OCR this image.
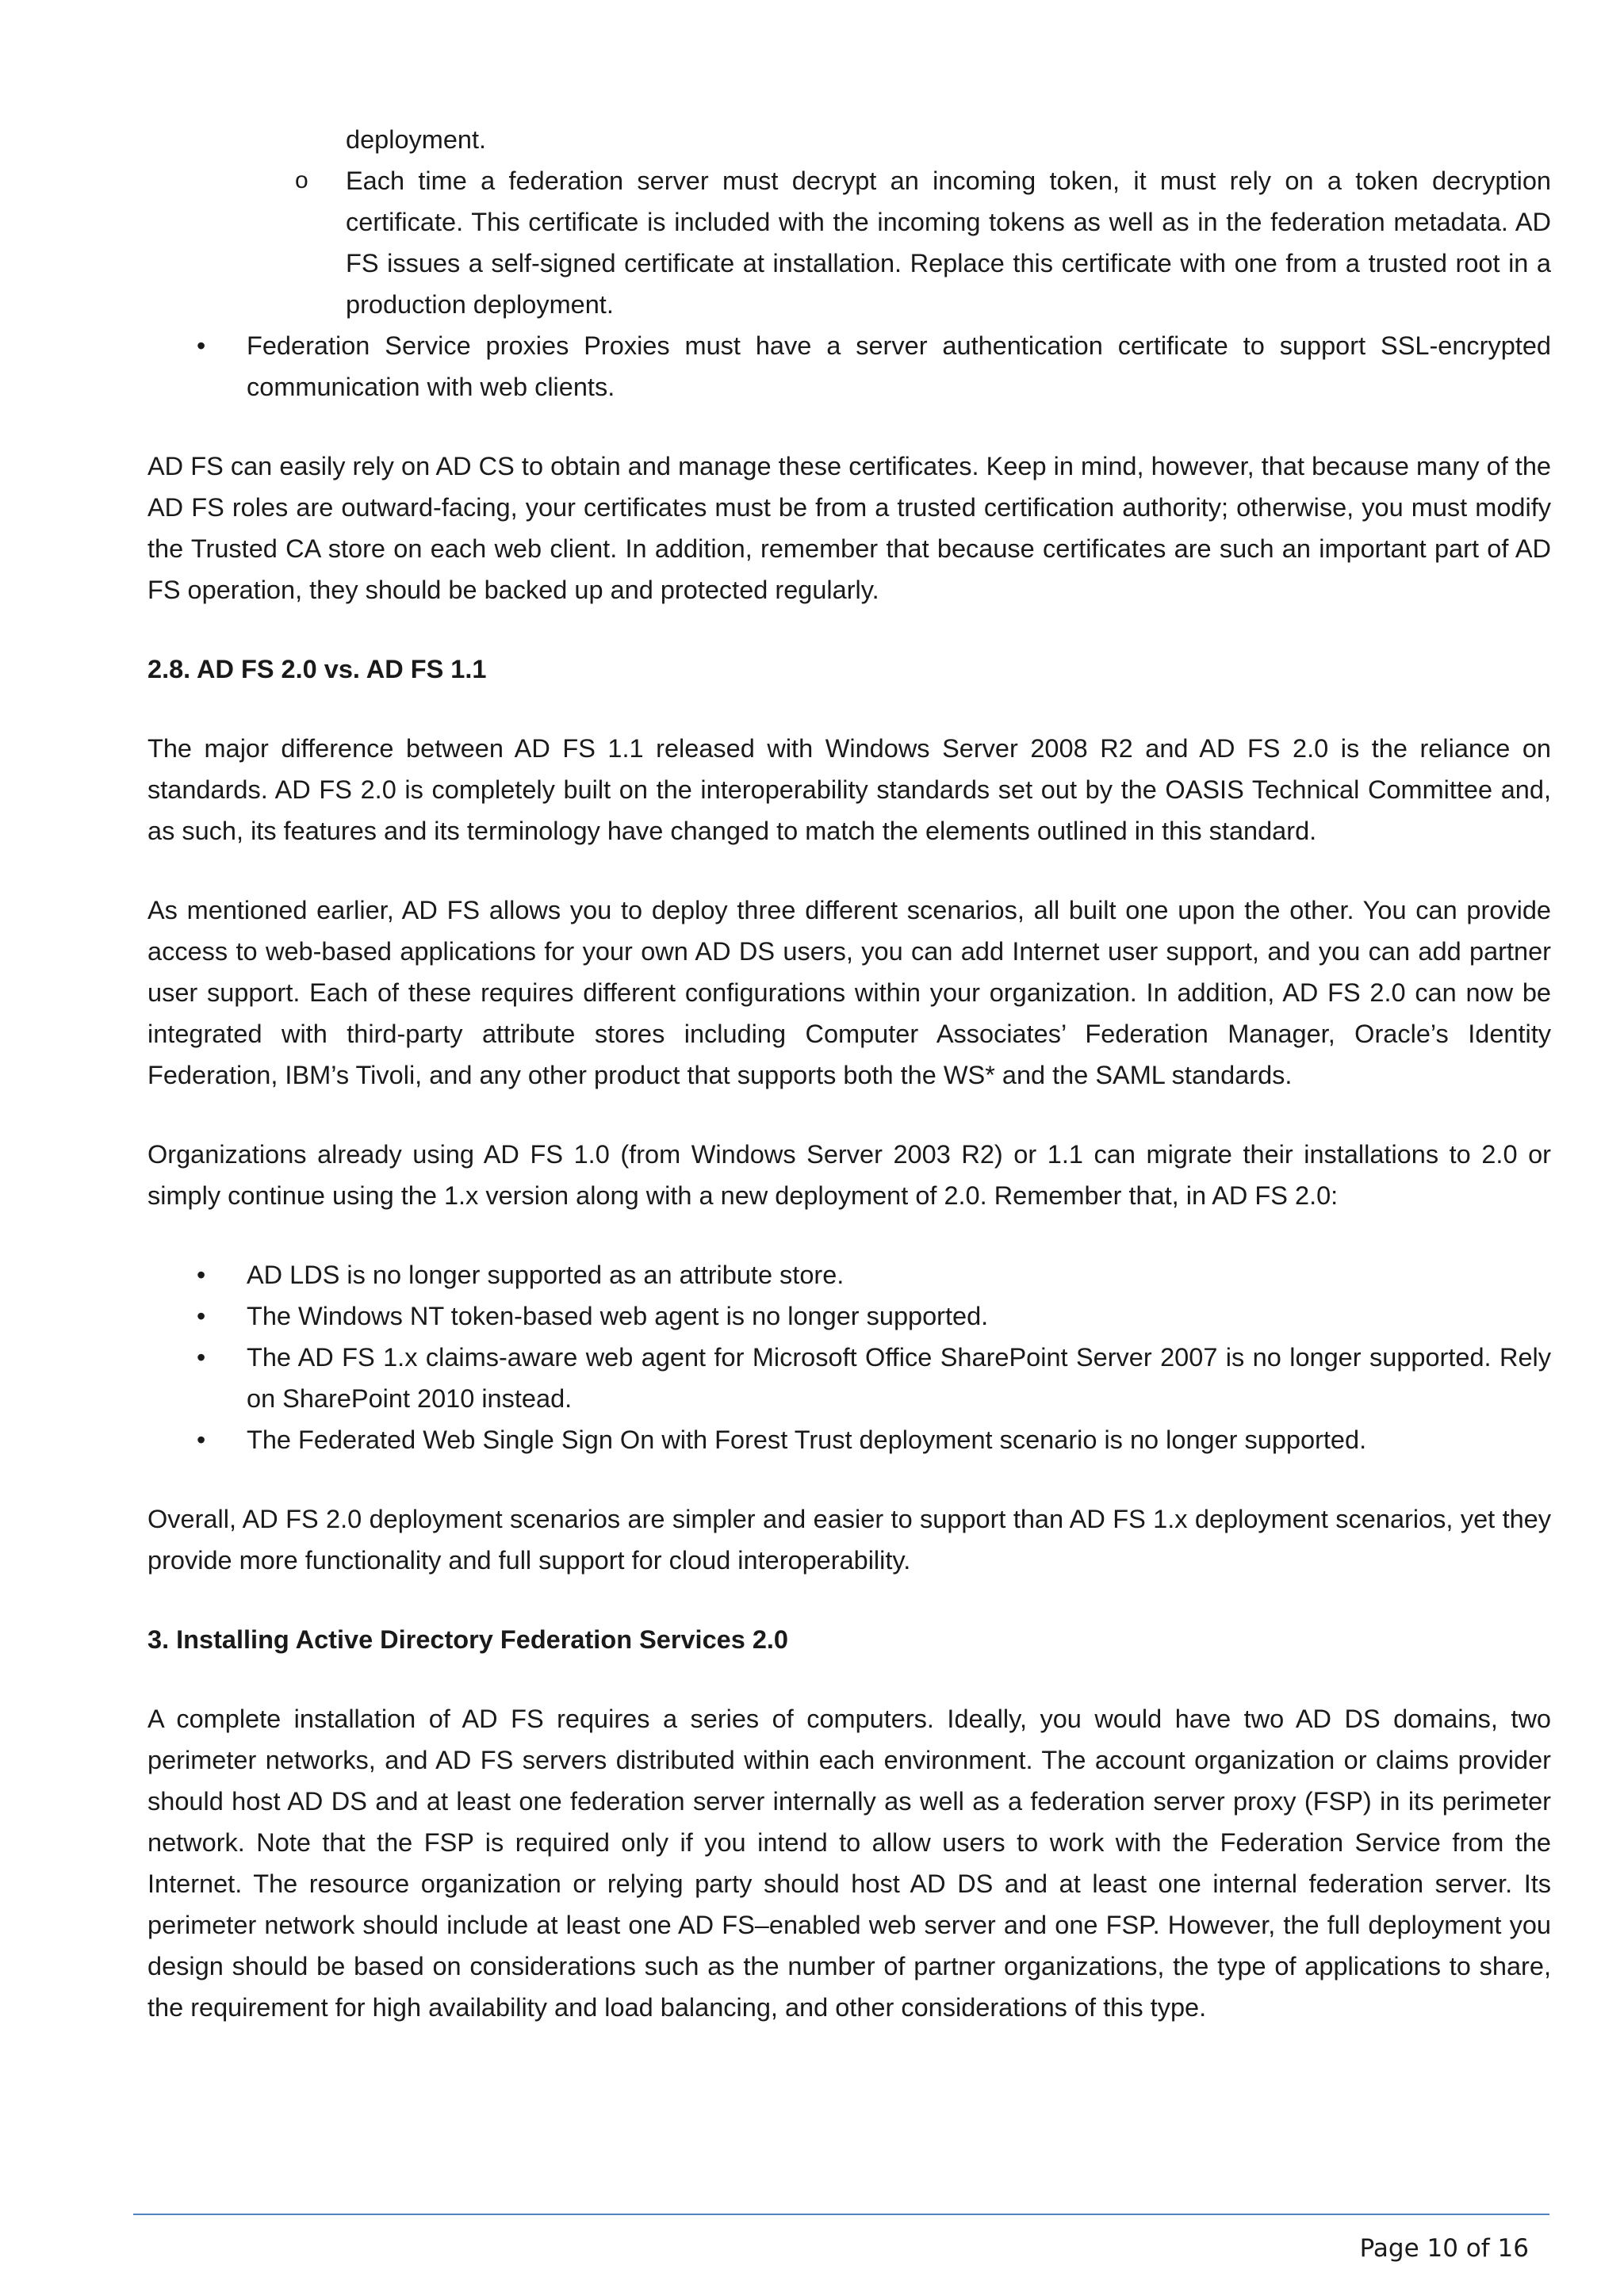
deployment.

o	Each time a federation server must decrypt an incoming token, it must rely on a token decryption certificate. This certificate is included with the incoming tokens as well as in the federation metadata. AD FS issues a self-signed certificate at installation. Replace this certificate with one from a trusted root in a production deployment.

•	Federation Service proxies Proxies must have a server authentication certificate to support SSL-encrypted communication with web clients.

AD FS can easily rely on AD CS to obtain and manage these certificates. Keep in mind, however, that because many of the AD FS roles are outward-facing, your certificates must be from a trusted certification authority; otherwise, you must modify the Trusted CA store on each web client. In addition, remember that because certificates are such an important part of AD FS operation, they should be backed up and protected regularly.

2.8. AD FS 2.0 vs. AD FS 1.1

The major difference between AD FS 1.1 released with Windows Server 2008 R2 and AD FS 2.0 is the reliance on standards. AD FS 2.0 is completely built on the interoperability standards set out by the OASIS Technical Committee and, as such, its features and its terminology have changed to match the elements outlined in this standard.

As mentioned earlier, AD FS allows you to deploy three different scenarios, all built one upon the other. You can provide access to web-based applications for your own AD DS users, you can add Internet user support, and you can add partner user support. Each of these requires different configurations within your organization. In addition, AD FS 2.0 can now be integrated with third-party attribute stores including Computer Associates’ Federation Manager, Oracle’s Identity Federation, IBM’s Tivoli, and any other product that supports both the WS* and the SAML standards.

Organizations already using AD FS 1.0 (from Windows Server 2003 R2) or 1.1 can migrate their installations to 2.0 or simply continue using the 1.x version along with a new deployment of 2.0. Remember that, in AD FS 2.0:

•	AD LDS is no longer supported as an attribute store.

•	The Windows NT token-based web agent is no longer supported.

•	The AD FS 1.x claims-aware web agent for Microsoft Office SharePoint Server 2007 is no longer supported. Rely on SharePoint 2010 instead.

•	The Federated Web Single Sign On with Forest Trust deployment scenario is no longer supported.

Overall, AD FS 2.0 deployment scenarios are simpler and easier to support than AD FS 1.x deployment scenarios, yet they provide more functionality and full support for cloud interoperability.

3. Installing Active Directory Federation Services 2.0

A complete installation of AD FS requires a series of computers. Ideally, you would have two AD DS domains, two perimeter networks, and AD FS servers distributed within each environment. The account organization or claims provider should host AD DS and at least one federation server internally as well as a federation server proxy (FSP) in its perimeter network. Note that the FSP is required only if you intend to allow users to work with the Federation Service from the Internet. The resource organization or relying party should host AD DS and at least one internal federation server. Its perimeter network should include at least one AD FS–enabled web server and one FSP. However, the full deployment you design should be based on considerations such as the number of partner organizations, the type of applications to share, the requirement for high availability and load balancing, and other considerations of this type.

Page 10 of 16
